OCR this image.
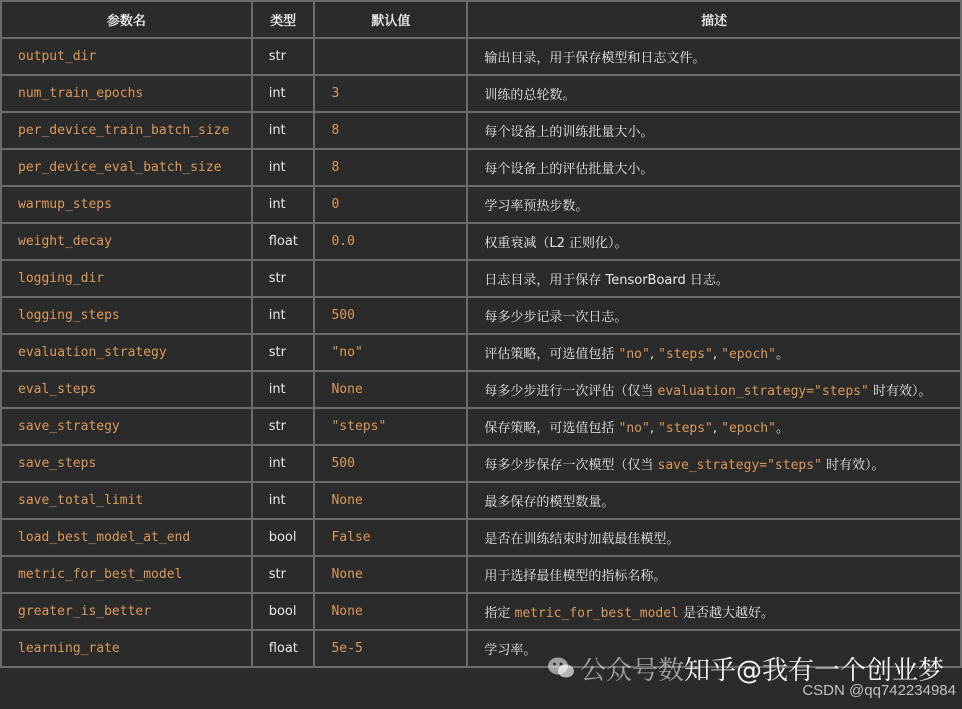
参数名	类型	默认值	描述
output_dir	str		输出目录，用于保存模型和日志文件。
num_train_epochs	int	3	训练的总轮数。
per_device_train_batch_size	int	8	每个设备上的训练批量大小。
per_device_eval_batch_size	int	8	每个设备上的评估批量大小。
warmup_steps	int	0	学习率预热步数。
weight_decay	float	0.0	权重衰减（L2 正则化）。
logging_dir	str		日志目录，用于保存 TensorBoard 日志。
logging_steps	int	500	每多少步记录一次日志。
evaluation_strategy	str	"no"	评估策略，可选值包括 "no", "steps", "epoch"。
eval_steps	int	None	每多少步进行一次评估（仅当 evaluation_strategy="steps" 时有效）。
save_strategy	str	"steps"	保存策略，可选值包括 "no", "steps", "epoch"。
save_steps	int	500	每多少步保存一次模型（仅当 save_strategy="steps" 时有效）。
save_total_limit	int	None	最多保存的模型数量。
load_best_model_at_end	bool	False	是否在训练结束时加载最佳模型。
metric_for_best_model	str	None	用于选择最佳模型的指标名称。
greater_is_better	bool	None	指定 metric_for_best_model 是否越大越好。
learning_rate	float	5e-5	学习率。
公众号数知乎@我有一个创业梦
CSDN @qq742234984
